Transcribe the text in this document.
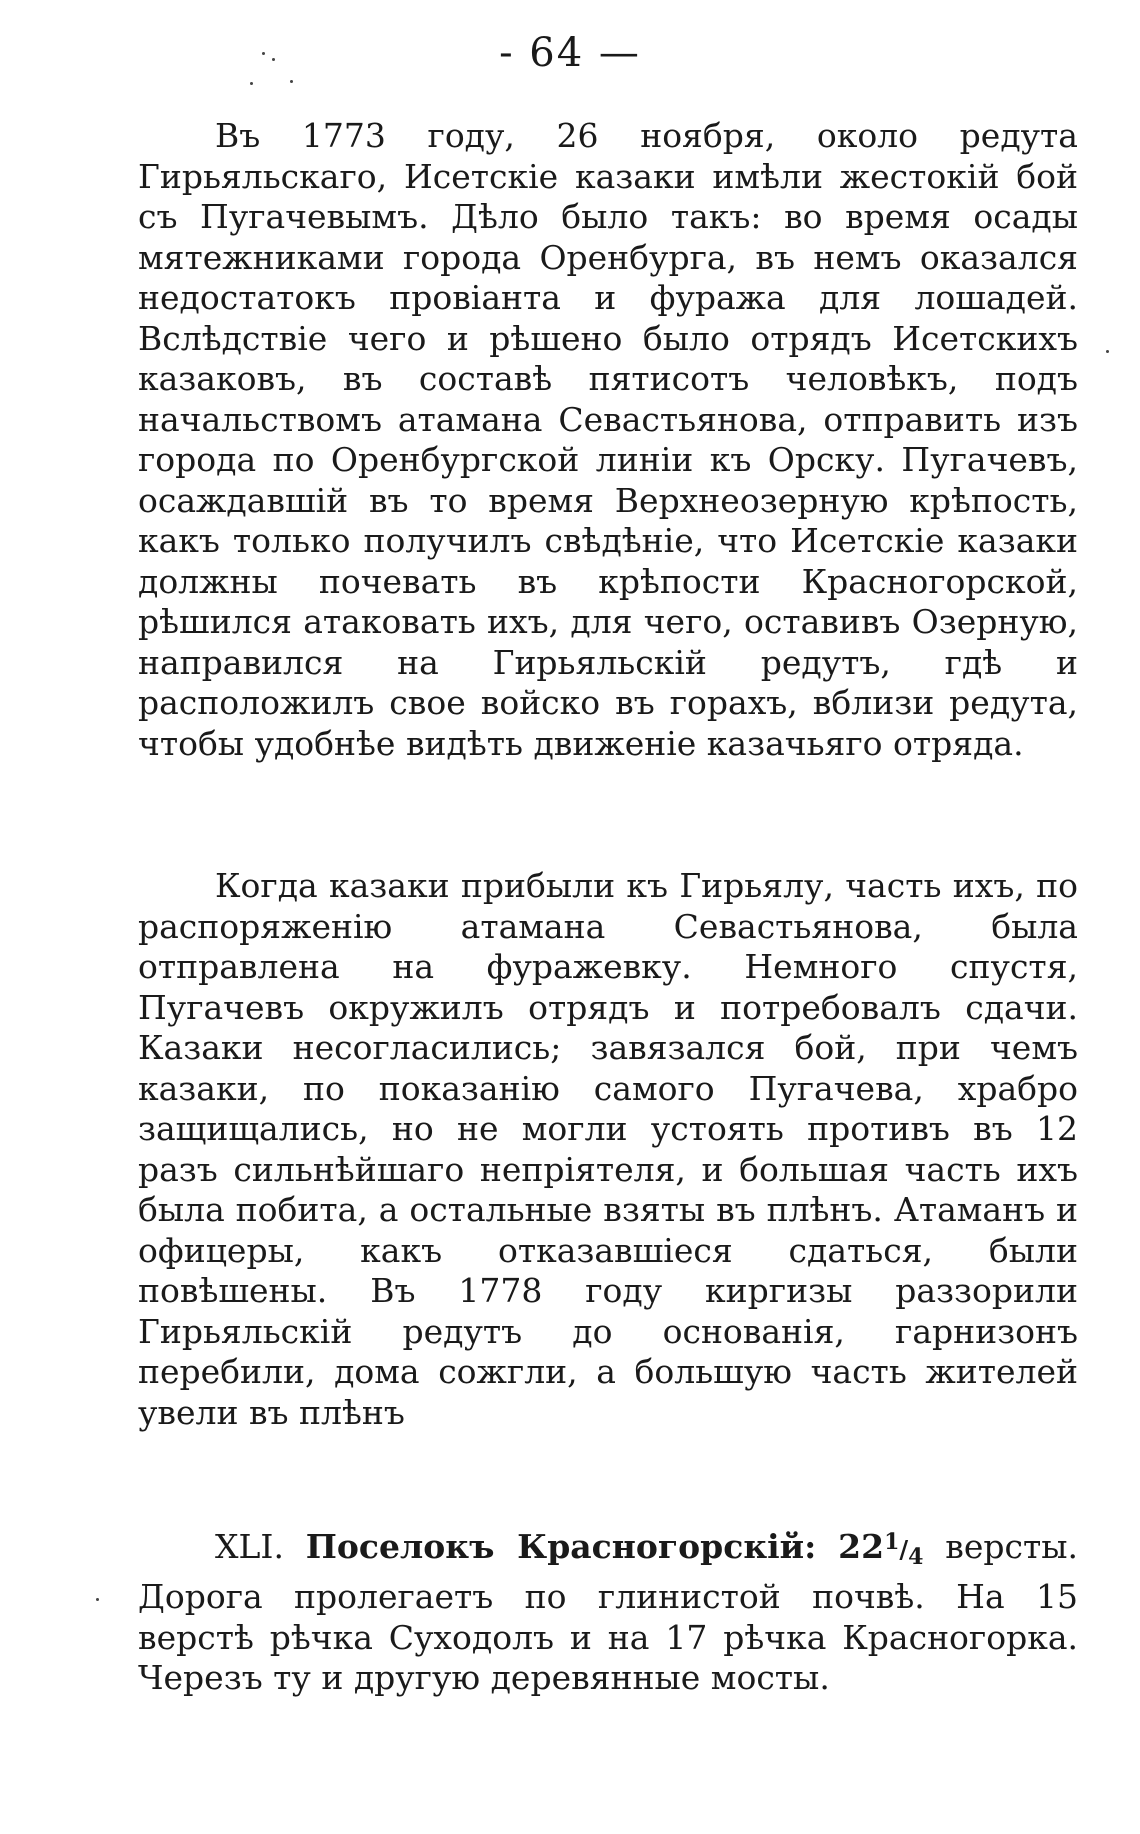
- 64 —

Въ 1773 году, 26 ноября, около редута Гирьяльскаго, Исетскіе казаки имѣли жестокій бой съ Пугачевымъ. Дѣло было такъ: во время осады мятежниками города Оренбурга, въ немъ оказался недостатокъ провіанта и фуража для лошадей. Вслѣдствіе чего и рѣшено было отрядъ Исетскихъ казаковъ, въ составѣ пятисотъ человѣкъ, подъ начальствомъ атамана Севастьянова, отправить изъ города по Оренбургской линіи къ Орску. Пугачевъ, осаждавшій въ то время Верхнеозерную крѣпость, какъ только получилъ свѣдѣніе, что Исетскіе казаки должны почевать въ крѣпости Красногорской, рѣшился атаковать ихъ, для чего, оставивъ Озерную, направился на Гирьяльскій редутъ, гдѣ и расположилъ свое войско въ горахъ, вблизи редута, чтобы удобнѣе видѣть движеніе казачьяго отряда.

Когда казаки прибыли къ Гирьялу, часть ихъ, по распоряженію атамана Севастьянова, была отправлена на фуражевку. Немного спустя, Пугачевъ окружилъ отрядъ и потребовалъ сдачи. Казаки несогласились; завязался бой, при чемъ казаки, по показанію самого Пугачева, храбро защищались, но не могли устоять противъ въ 12 разъ сильнѣйшаго непріятеля, и большая часть ихъ была побита, а остальные взяты въ плѣнъ. Атаманъ и офицеры, какъ отказавшіеся сдаться, были повѣшены. Въ 1778 году киргизы раззорили Гирьяльскій редутъ до основанія, гарнизонъ перебили, дома сожгли, а большую часть жителей увели въ плѣнъ

XLI. Поселокъ Красногорскій: $22^1/_4$ версты. Дорога пролегаетъ по глинистой почвѣ. На 15 верстѣ рѣчка Суходолъ и на 17 рѣчка Красногорка. Черезъ ту и другую деревянные мосты.
